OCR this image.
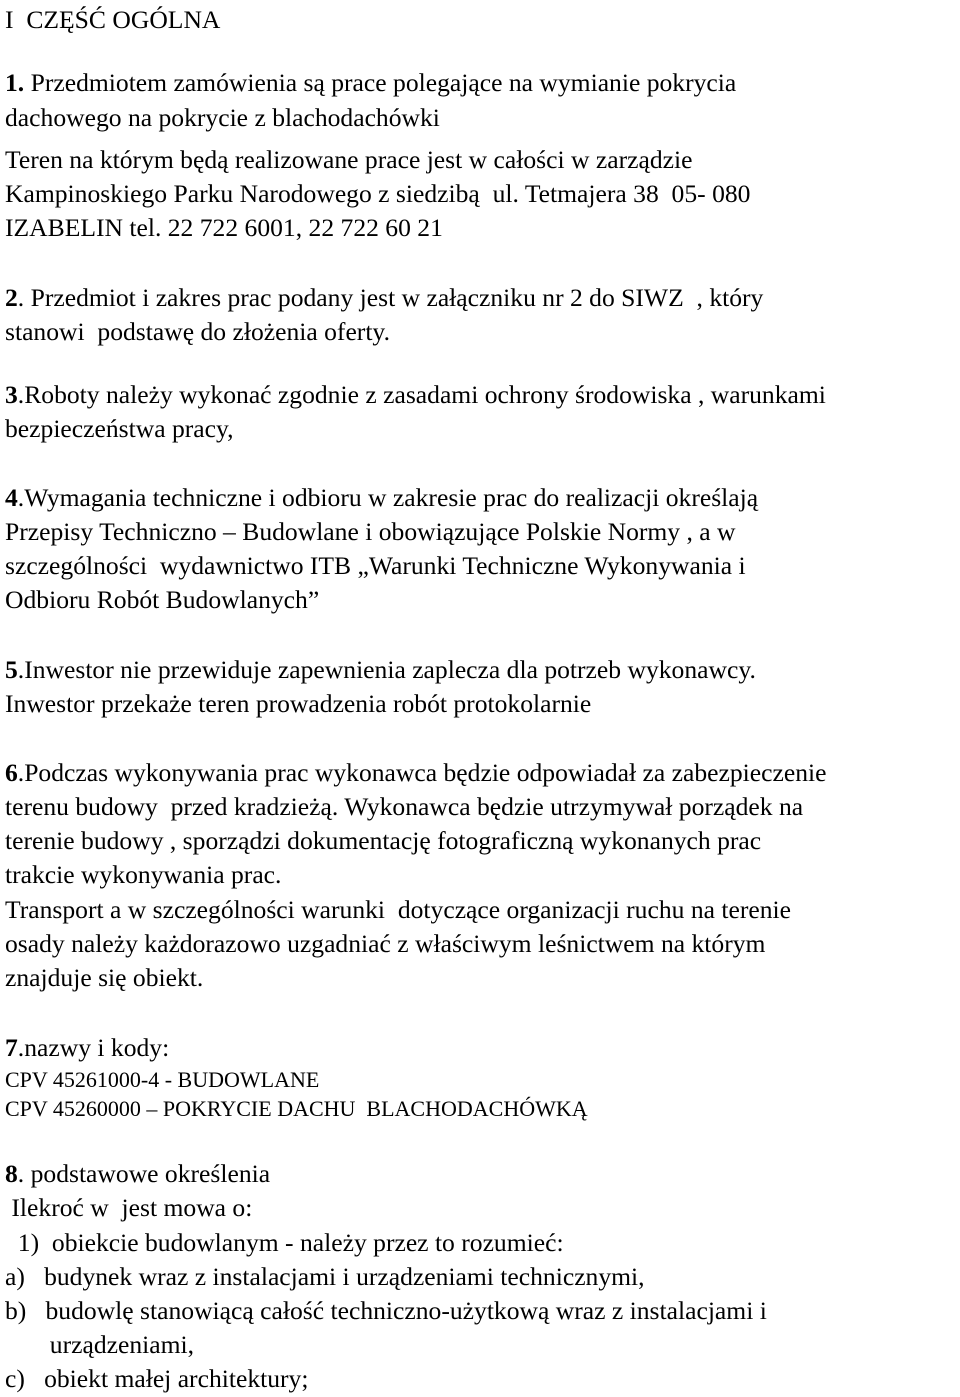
I  CZĘŚĆ OGÓLNA
1. Przedmiotem zamówienia są prace polegające na wymianie pokrycia
dachowego na pokrycie z blachodachówki
Teren na którym będą realizowane prace jest w całości w zarządzie
Kampinoskiego Parku Narodowego z siedzibą  ul. Tetmajera 38  05- 080
IZABELIN tel. 22 722 6001, 22 722 60 21
2. Przedmiot i zakres prac podany jest w załączniku nr 2 do SIWZ  , który
stanowi  podstawę do złożenia oferty.
3.Roboty należy wykonać zgodnie z zasadami ochrony środowiska , warunkami
bezpieczeństwa pracy,
4.Wymagania techniczne i odbioru w zakresie prac do realizacji określają
Przepisy Techniczno – Budowlane i obowiązujące Polskie Normy , a w
szczególności  wydawnictwo ITB „Warunki Techniczne Wykonywania i
Odbioru Robót Budowlanych”
5.Inwestor nie przewiduje zapewnienia zaplecza dla potrzeb wykonawcy.
Inwestor przekaże teren prowadzenia robót protokolarnie
6.Podczas wykonywania prac wykonawca będzie odpowiadał za zabezpieczenie
terenu budowy  przed kradzieżą. Wykonawca będzie utrzymywał porządek na
terenie budowy , sporządzi dokumentację fotograficzną wykonanych prac
trakcie wykonywania prac.
Transport a w szczególności warunki  dotyczące organizacji ruchu na terenie
osady należy każdorazowo uzgadniać z właściwym leśnictwem na którym
znajduje się obiekt.
7.nazwy i kody:
CPV 45261000-4 - BUDOWLANE
CPV 45260000 – POKRYCIE DACHU  BLACHODACHÓWKĄ
8. podstawowe określenia
Ilekroć w  jest mowa o:
1)  obiekcie budowlanym - należy przez to rozumieć:
a)   budynek wraz z instalacjami i urządzeniami technicznymi,
b)   budowlę stanowiącą całość techniczno-użytkową wraz z instalacjami i
urządzeniami,
c)   obiekt małej architektury;
